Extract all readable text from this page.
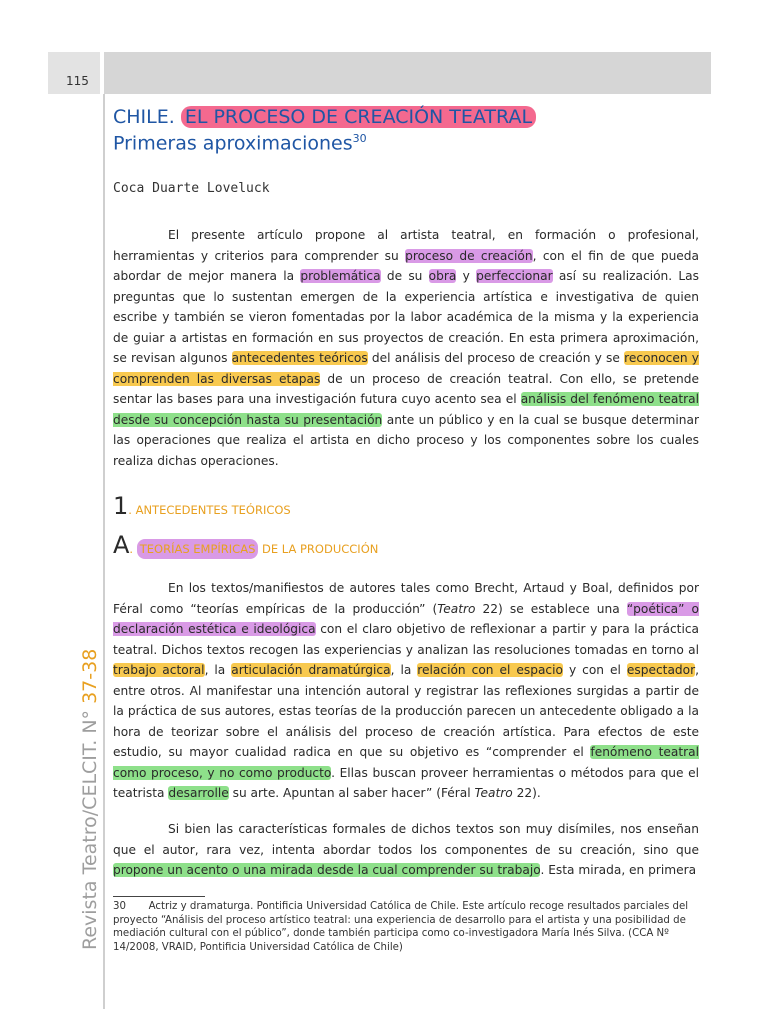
115
Revista Teatro/CELCIT. N° 37-38
CHILE. EL PROCESO DE CREACIÓN TEATRAL
Primeras aproximaciones$^{30}$
Coca Duarte Loveluck

El presente artículo propone al artista teatral, en formación o profesional, herramientas y criterios para comprender su proceso de creación, con el fin de que pueda abordar de mejor manera la problemática de su obra y perfeccionar así su realización. Las preguntas que lo sustentan emergen de la experiencia artística e investigativa de quien escribe y también se vieron fomentadas por la labor académica de la misma y la experiencia de guiar a artistas en formación en sus proyectos de creación. En esta primera aproximación, se revisan algunos antecedentes teóricos del análisis del proceso de creación y se reconocen y comprenden las diversas etapas de un proceso de creación teatral. Con ello, se pretende sentar las bases para una investigación futura cuyo acento sea el análisis del fenómeno teatral desde su concepción hasta su presentación ante un público y en la cual se busque determinar las operaciones que realiza el artista en dicho proceso y los componentes sobre los cuales realiza dichas operaciones.

1. ANTECEDENTES TEÓRICOS
A. TEORÍAS EMPÍRICAS DE LA PRODUCCIÓN

En los textos/manifiestos de autores tales como Brecht, Artaud y Boal, definidos por Féral como “teorías empíricas de la producción” (Teatro 22) se establece una “poética” o declaración estética e ideológica con el claro objetivo de reflexionar a partir y para la práctica teatral. Dichos textos recogen las experiencias y analizan las resoluciones tomadas en torno al trabajo actoral, la articulación dramatúrgica, la relación con el espacio y con el espectador, entre otros. Al manifestar una intención autoral y registrar las reflexiones surgidas a partir de la práctica de sus autores, estas teorías de la producción parecen un antecedente obligado a la hora de teorizar sobre el análisis del proceso de creación artística. Para efectos de este estudio, su mayor cualidad radica en que su objetivo es “comprender el fenómeno teatral como proceso, y no como producto. Ellas buscan proveer herramientas o métodos para que el teatrista desarrolle su arte. Apuntan al saber hacer” (Féral Teatro 22).

Si bien las características formales de dichos textos son muy disímiles, nos enseñan que el autor, rara vez, intenta abordar todos los componentes de su creación, sino que propone un acento o una mirada desde la cual comprender su trabajo. Esta mirada, en primera

30 Actriz y dramaturga. Pontificia Universidad Católica de Chile. Este artículo recoge resultados parciales del proyecto “Análisis del proceso artístico teatral: una experiencia de desarrollo para el artista y una posibilidad de mediación cultural con el público”, donde también participa como co-investigadora María Inés Silva. (CCA Nº 14/2008, VRAID, Pontificia Universidad Católica de Chile)
